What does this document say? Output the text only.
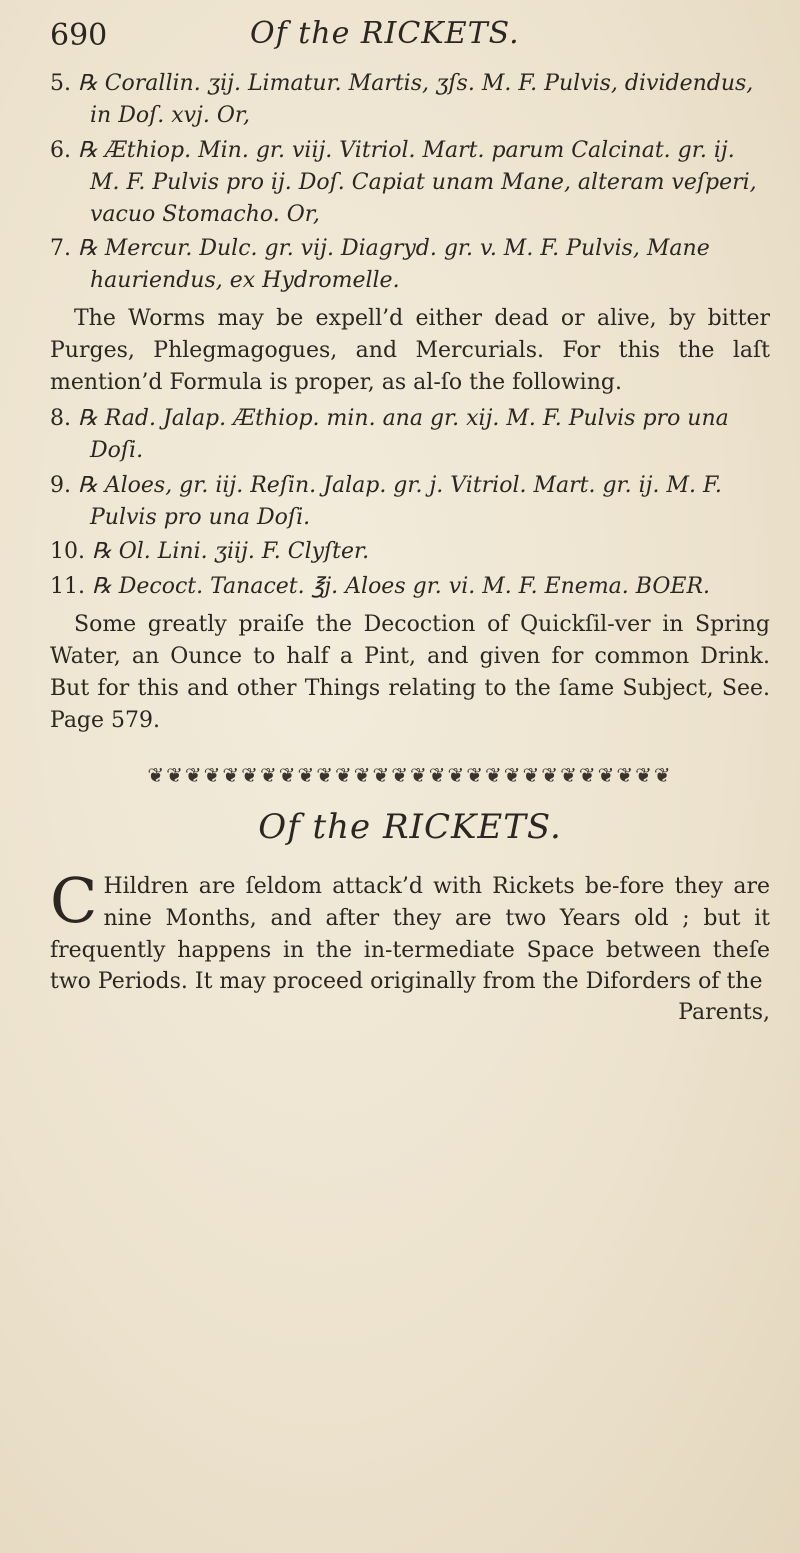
690	Of the RICKETS.

5. ℞ Corallin. ʒij. Limatur. Martis, ʒſs. M. F. Pulvis, dividendus, in Doſ. xvj. Or,

6. ℞ Æthiop. Min. gr. viij. Vitriol. Mart. parum Calcinat. gr. ij. M. F. Pulvis pro ij. Doſ. Capiat unam Mane, alteram veſperi, vacuo Stomacho. Or,

7. ℞ Mercur. Dulc. gr. vij. Diagryd. gr. v. M. F. Pulvis, Mane hauriendus, ex Hydromelle.

The Worms may be expell’d either dead or alive, by bitter Purges, Phlegmagogues, and Mercurials. For this the laſt mention’d Formula is proper, as al-ſo the following.

8. ℞ Rad. Jalap. Æthiop. min. ana gr. xij. M. F. Pulvis pro una Doſi.

9. ℞ Aloes, gr. iij. Reſin. Jalap. gr. j. Vitriol. Mart. gr. ij. M. F. Pulvis pro una Doſi.

10. ℞ Ol. Lini. ʒiij. F. Clyſter.

11. ℞ Decoct. Tanacet. ℥j. Aloes gr. vi. M. F. Enema. BOER.

Some greatly praiſe the Decoction of Quickſil-ver in Spring Water, an Ounce to half a Pint, and given for common Drink. But for this and other Things relating to the ſame Subject, See. Page 579.

❦❦❦❦❦❦❦❦❦❦❦❦❦❦❦❦❦❦❦❦❦❦❦❦❦❦❦❦
Of the RICKETS.

C Hildren are ſeldom attack’d with Rickets be-fore they are nine Months, and after they are two Years old ; but it frequently happens in the in-termediate Space between theſe two Periods. It may proceed originally from the Diforders of the

Parents,
